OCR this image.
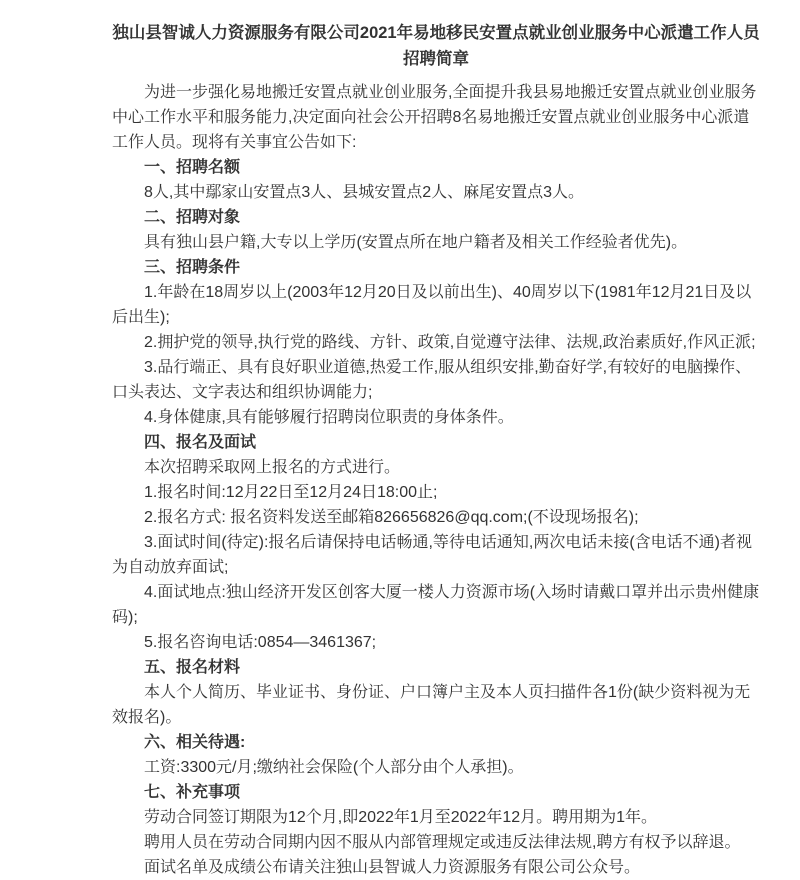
独山县智诚人力资源服务有限公司2021年易地移民安置点就业创业服务中心派遣工作人员招聘简章

为进一步强化易地搬迁安置点就业创业服务,全面提升我县易地搬迁安置点就业创业服务中心工作水平和服务能力,决定面向社会公开招聘8名易地搬迁安置点就业创业服务中心派遣工作人员。现将有关事宜公告如下:

一、招聘名额

8人,其中鄢家山安置点3人、县城安置点2人、麻尾安置点3人。

二、招聘对象

具有独山县户籍,大专以上学历(安置点所在地户籍者及相关工作经验者优先)。

三、招聘条件

1.年龄在18周岁以上(2003年12月20日及以前出生)、40周岁以下(1981年12月21日及以后出生);

2.拥护党的领导,执行党的路线、方针、政策,自觉遵守法律、法规,政治素质好,作风正派;

3.品行端正、具有良好职业道德,热爱工作,服从组织安排,勤奋好学,有较好的电脑操作、口头表达、文字表达和组织协调能力;

4.身体健康,具有能够履行招聘岗位职责的身体条件。

四、报名及面试

本次招聘采取网上报名的方式进行。

1.报名时间:12月22日至12月24日18:00止;

2.报名方式: 报名资料发送至邮箱826656826@qq.com;(不设现场报名);

3.面试时间(待定):报名后请保持电话畅通,等待电话通知,两次电话未接(含电话不通)者视为自动放弃面试;

4.面试地点:独山经济开发区创客大厦一楼人力资源市场(入场时请戴口罩并出示贵州健康码);

5.报名咨询电话:0854—3461367;

五、报名材料

本人个人简历、毕业证书、身份证、户口簿户主及本人页扫描件各1份(缺少资料视为无效报名)。

六、相关待遇:

工资:3300元/月;缴纳社会保险(个人部分由个人承担)。

七、补充事项

劳动合同签订期限为12个月,即2022年1月至2022年12月。聘用期为1年。

聘用人员在劳动合同期内因不服从内部管理规定或违反法律法规,聘方有权予以辞退。

面试名单及成绩公布请关注独山县智诚人力资源服务有限公司公众号。
